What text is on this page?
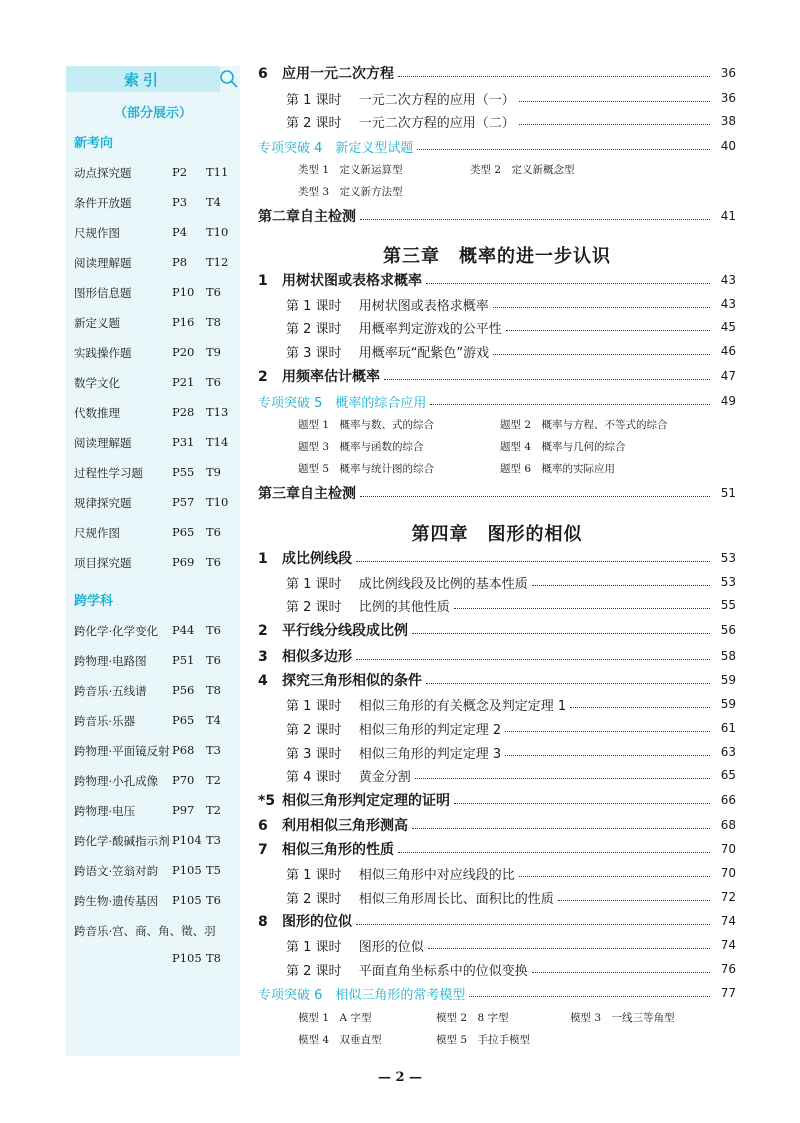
索引
（部分展示）
新考向
动点探究题	P2 T11
条件开放题	P3 T4
尺规作图	P4 T10
阅读理解题	P8 T12
图形信息题	P10 T6
新定义题	P16 T8
实践操作题	P20 T9
数学文化	P21 T6
代数推理	P28 T13
阅读理解题	P31 T14
过程性学习题	P55 T9
规律探究题	P57 T10
尺规作图	P65 T6
项目探究题	P69 T6
跨学科
跨化学·化学变化 P44 T6
跨物理·电路图 P51 T6
跨音乐·五线谱 P56 T8
跨音乐·乐器	P65 T4
跨物理·平面镜反射 P68 T3
跨物理·小孔成像 P70 T2
跨物理·电压	P97 T2
跨化学·酸碱指示剂 P104 T3
跨语文·笠翁对韵 P105 T5
跨生物·遗传基因 P105 T6
跨音乐·宫、商、角、徵、羽
P105 T8
6 应用一元二次方程	36
第 1 课时　 一元二次方程的应用（一）	36
第 2 课时　 一元二次方程的应用（二）	38
专项突破 4　 新定义型试题	40
类型 1　定义新运算型	类型 2　定义新概念型
类型 3　定义新方法型
第二章自主检测	41
第三章　概率的进一步认识
1 用树状图或表格求概率	43
第 1 课时　 用树状图或表格求概率	43
第 2 课时　 用概率判定游戏的公平性	45
第 3 课时　 用概率玩“配紫色”游戏	46
2 用频率估计概率	47
专项突破 5　 概率的综合应用	49
题型 1　概率与数、式的综合	题型 2　概率与方程、不等式的综合
题型 3　概率与函数的综合	题型 4　概率与几何的综合
题型 5　概率与统计图的综合	题型 6　概率的实际应用
第三章自主检测	51
第四章　图形的相似
1 成比例线段	53
第 1 课时　 成比例线段及比例的基本性质	53
第 2 课时　 比例的其他性质	55
2 平行线分线段成比例	56
3 相似多边形	58
4 探究三角形相似的条件	59
第 1 课时　 相似三角形的有关概念及判定定理 1	59
第 2 课时　 相似三角形的判定定理 2	61
第 3 课时　 相似三角形的判定定理 3	63
第 4 课时　 黄金分割	65
*5 相似三角形判定定理的证明	66
6 利用相似三角形测高	68
7 相似三角形的性质	70
第 1 课时　 相似三角形中对应线段的比	70
第 2 课时　 相似三角形周长比、面积比的性质	72
8 图形的位似	74
第 1 课时　 图形的位似	74
第 2 课时　 平面直角坐标系中的位似变换	76
专项突破 6　 相似三角形的常考模型	77
模型 1　A 字型	模型 2　8 字型	模型 3　一线三等角型
模型 4　双垂直型	模型 5　手拉手模型
— 2 —
